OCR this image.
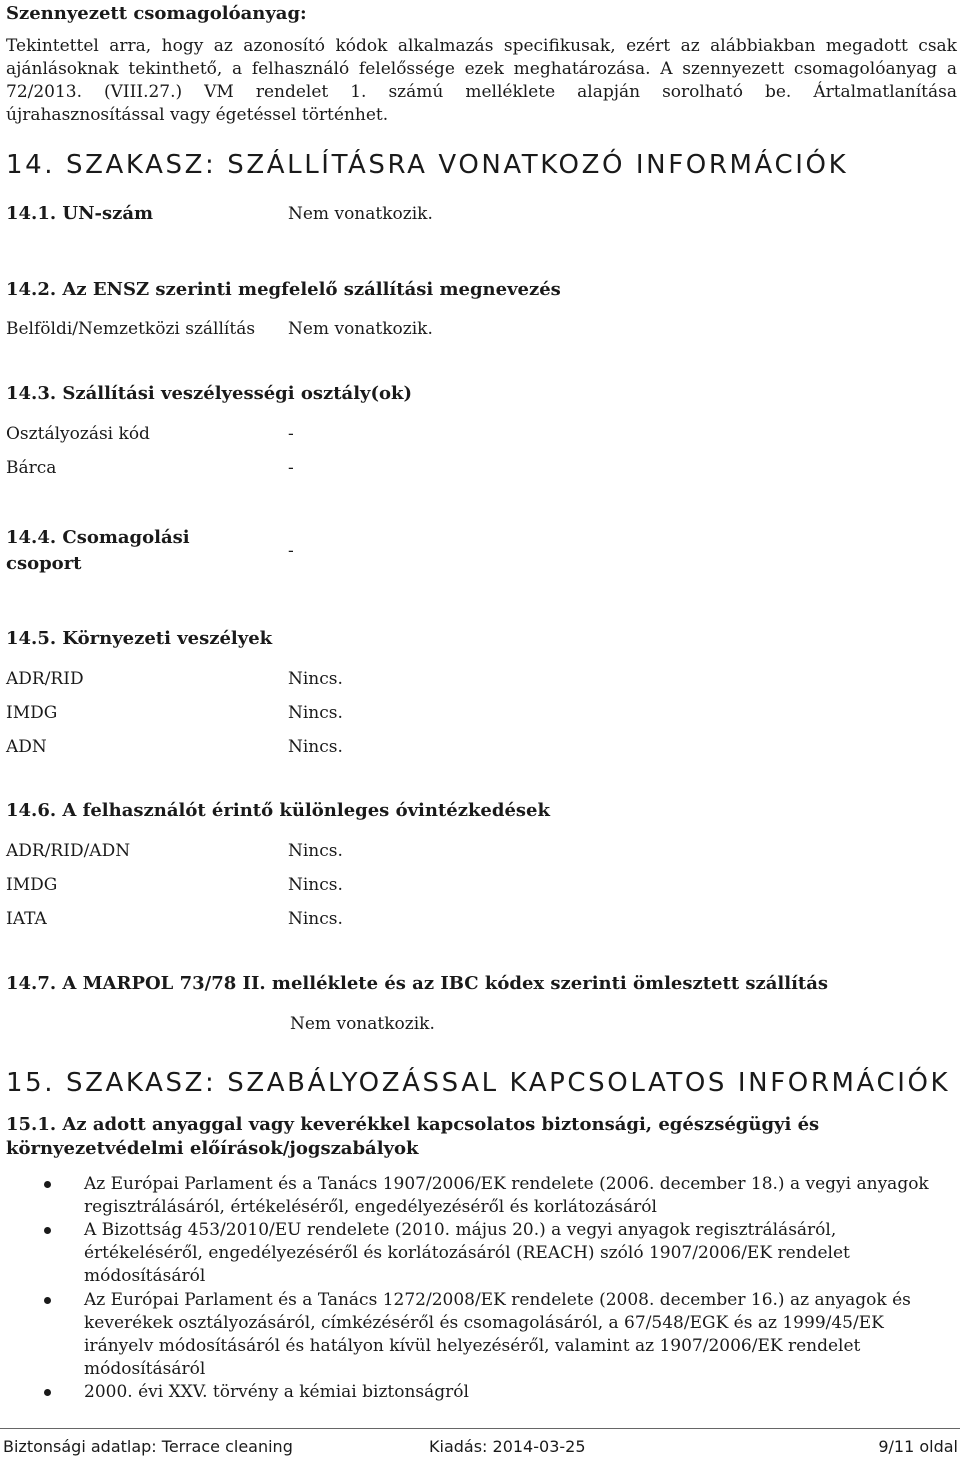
Szennyezett csomagolóanyag:
Tekintettel arra, hogy az azonosító kódok alkalmazás specifikusak, ezért az alábbiakban megadott csak
ajánlásoknak tekinthető, a felhasználó felelőssége ezek meghatározása. A szennyezett csomagolóanyag a
72/2013. (VIII.27.) VM rendelet 1. számú melléklete alapján sorolható be. Ártalmatlanítása
újrahasznosítással vagy égetéssel történhet.
14. SZAKASZ: SZÁLLÍTÁSRA VONATKOZÓ INFORMÁCIÓK
14.1. UN-szám	Nem vonatkozik.
14.2. Az ENSZ szerinti megfelelő szállítási megnevezés
Belföldi/Nemzetközi szállítás Nem vonatkozik.
14.3. Szállítási veszélyességi osztály(ok)
Osztályozási kód	-
Bárca	-
14.4. Csomagolási
csoport
-
14.5. Környezeti veszélyek
ADR/RID	Nincs.
IMDG	Nincs.
ADN	Nincs.
14.6. A felhasználót érintő különleges óvintézkedések
ADR/RID/ADN	Nincs.
IMDG	Nincs.
IATA	Nincs.
14.7. A MARPOL 73/78 II. melléklete és az IBC kódex szerinti ömlesztett szállítás
Nem vonatkozik.
15. SZAKASZ: SZABÁLYOZÁSSAL KAPCSOLATOS INFORMÁCIÓK
15.1. Az adott anyaggal vagy keverékkel kapcsolatos biztonsági, egészségügyi és
környezetvédelmi előírások/jogszabályok
Az Európai Parlament és a Tanács 1907/2006/EK rendelete (2006. december 18.) a vegyi anyagok
regisztrálásáról, értékeléséről, engedélyezéséről és korlátozásáról
A Bizottság 453/2010/EU rendelete (2010. május 20.) a vegyi anyagok regisztrálásáról,
értékeléséről, engedélyezéséről és korlátozásáról (REACH) szóló 1907/2006/EK rendelet
módosításáról
Az Európai Parlament és a Tanács 1272/2008/EK rendelete (2008. december 16.) az anyagok és
keverékek osztályozásáról, címkézéséről és csomagolásáról, a 67/548/EGK és az 1999/45/EK
irányelv módosításáról és hatályon kívül helyezéséről, valamint az 1907/2006/EK rendelet
módosításáról
2000. évi XXV. törvény a kémiai biztonságról
Biztonsági adatlap: Terrace cleaning	Kiadás: 2014-03-25	9/11 oldal
